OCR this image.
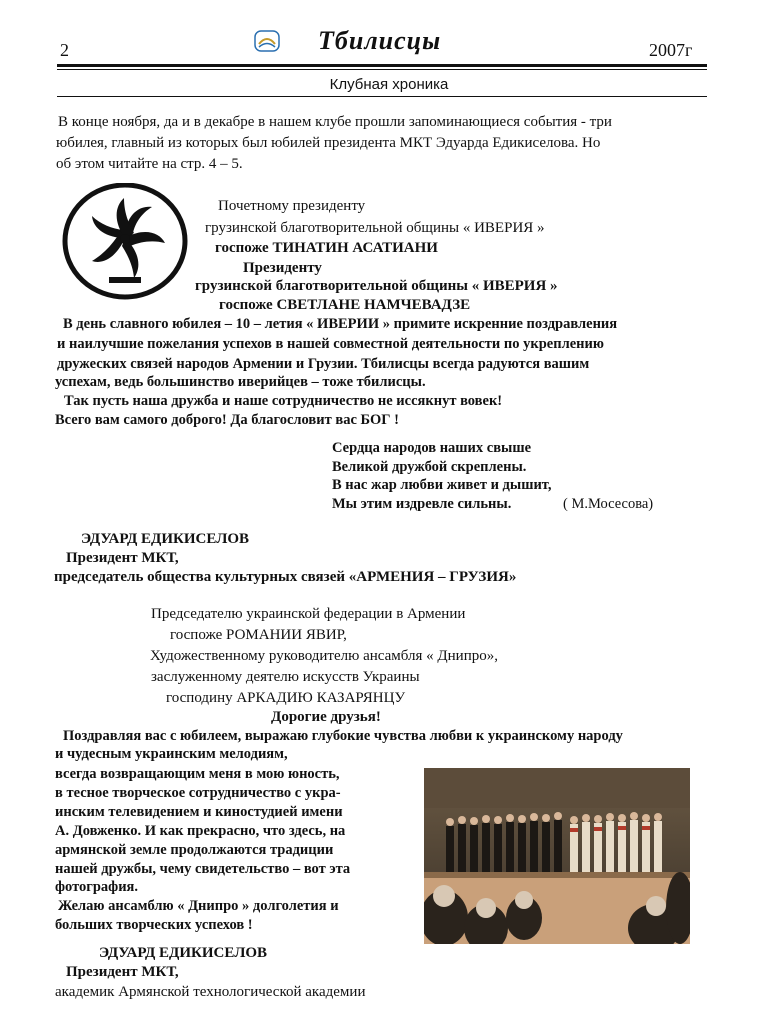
2	Тбилисцы	2007г
Клубная хроника
В конце ноября, да и в декабре в нашем клубе прошли запоминающиеся события - три
юбилея, главный из которых был юбилей президента МКТ Эдуарда Едикиселова. Но
об этом читайте на стр. 4 – 5.
Почетному президенту
грузинской благотворительной общины « ИВЕРИЯ »
госпоже ТИНАТИН АСАТИАНИ
Президенту
грузинской благотворительной общины « ИВЕРИЯ »
госпоже СВЕТЛАНЕ НАМЧЕВАДЗЕ
В день славного юбилея – 10 – летия « ИВЕРИИ » примите искренние поздравления
и наилучшие пожелания успехов в нашей совместной деятельности по укреплению
дружеских связей народов Армении и Грузии. Тбилисцы всегда радуются вашим
успехам, ведь большинство иверийцев – тоже тбилисцы.
Так пусть наша дружба и наше сотрудничество не иссякнут вовек!
Всего вам самого доброго! Да благословит вас БОГ !
Сердца народов наших свыше
Великой дружбой скреплены.
В нас жар любви живет и дышит,
Мы этим издревле сильны.	( М.Мосесова)
ЭДУАРД ЕДИКИСЕЛОВ
Президент МКТ,
председатель общества культурных связей «АРМЕНИЯ – ГРУЗИЯ»
Председателю украинской федерации в Армении
госпоже РОМАНИИ ЯВИР,
Художественному руководителю ансамбля « Днипро»,
заслуженному деятелю искусств Украины
господину АРКАДИЮ КАЗАРЯНЦУ
Дорогие друзья!
Поздравляя вас с юбилеем, выражаю глубокие чувства любви к украинскому народу
и чудесным украинским мелодиям,
всегда возвращающим меня в мою юность,
в тесное творческое сотрудничество с укра-
инским телевидением и киностудией имени
А. Довженко. И как прекрасно, что здесь, на
армянской земле продолжаются традиции
нашей дружбы, чему свидетельство – вот эта
фотография.
Желаю ансамблю « Днипро » долголетия и
больших творческих успехов !
ЭДУАРД ЕДИКИСЕЛОВ
Президент МКТ,
академик Армянской технологической академии
